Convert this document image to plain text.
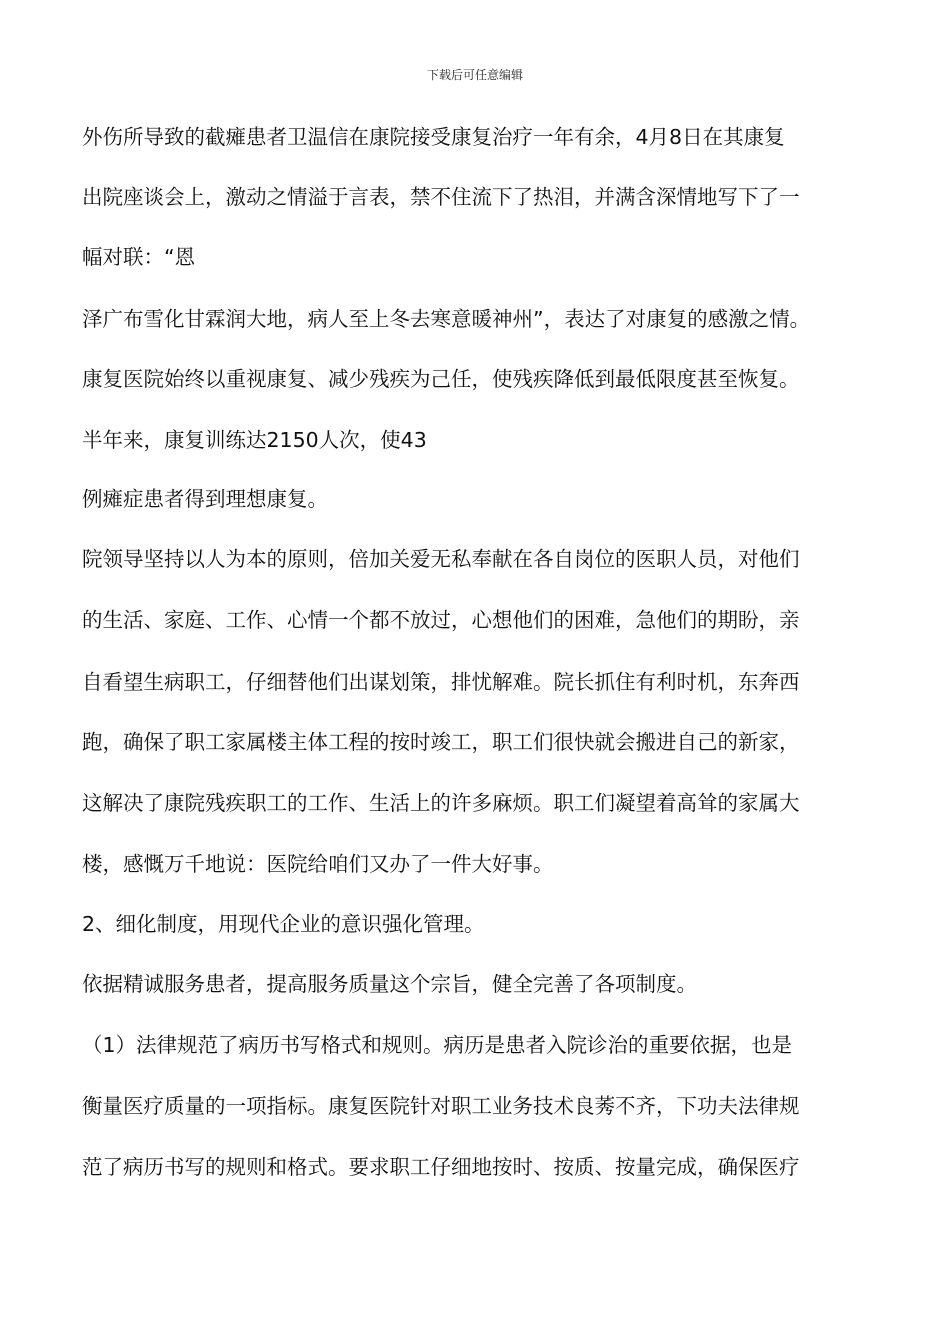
下载后可任意编辑
外伤所导致的截瘫患者卫温信在康院接受康复治疗一年有余，4月8日在其康复
出院座谈会上，激动之情溢于言表，禁不住流下了热泪，并满含深情地写下了一
幅对联：“恩
泽广布雪化甘霖润大地，病人至上冬去寒意暖神州”，表达了对康复的感激之情。
康复医院始终以重视康复、减少残疾为己任，使残疾降低到最低限度甚至恢复。
半年来，康复训练达2150人次，使43
例瘫症患者得到理想康复。
院领导坚持以人为本的原则，倍加关爱无私奉献在各自岗位的医职人员，对他们
的生活、家庭、工作、心情一个都不放过，心想他们的困难，急他们的期盼，亲
自看望生病职工，仔细替他们出谋划策，排忧解难。院长抓住有利时机，东奔西
跑，确保了职工家属楼主体工程的按时竣工，职工们很快就会搬进自己的新家，
这解决了康院残疾职工的工作、生活上的许多麻烦。职工们凝望着高耸的家属大
楼，感慨万千地说：医院给咱们又办了一件大好事。
2、细化制度，用现代企业的意识强化管理。
依据精诚服务患者，提高服务质量这个宗旨，健全完善了各项制度。
（1）法律规范了病历书写格式和规则。病历是患者入院诊治的重要依据，也是
衡量医疗质量的一项指标。康复医院针对职工业务技术良莠不齐，下功夫法律规
范了病历书写的规则和格式。要求职工仔细地按时、按质、按量完成，确保医疗
